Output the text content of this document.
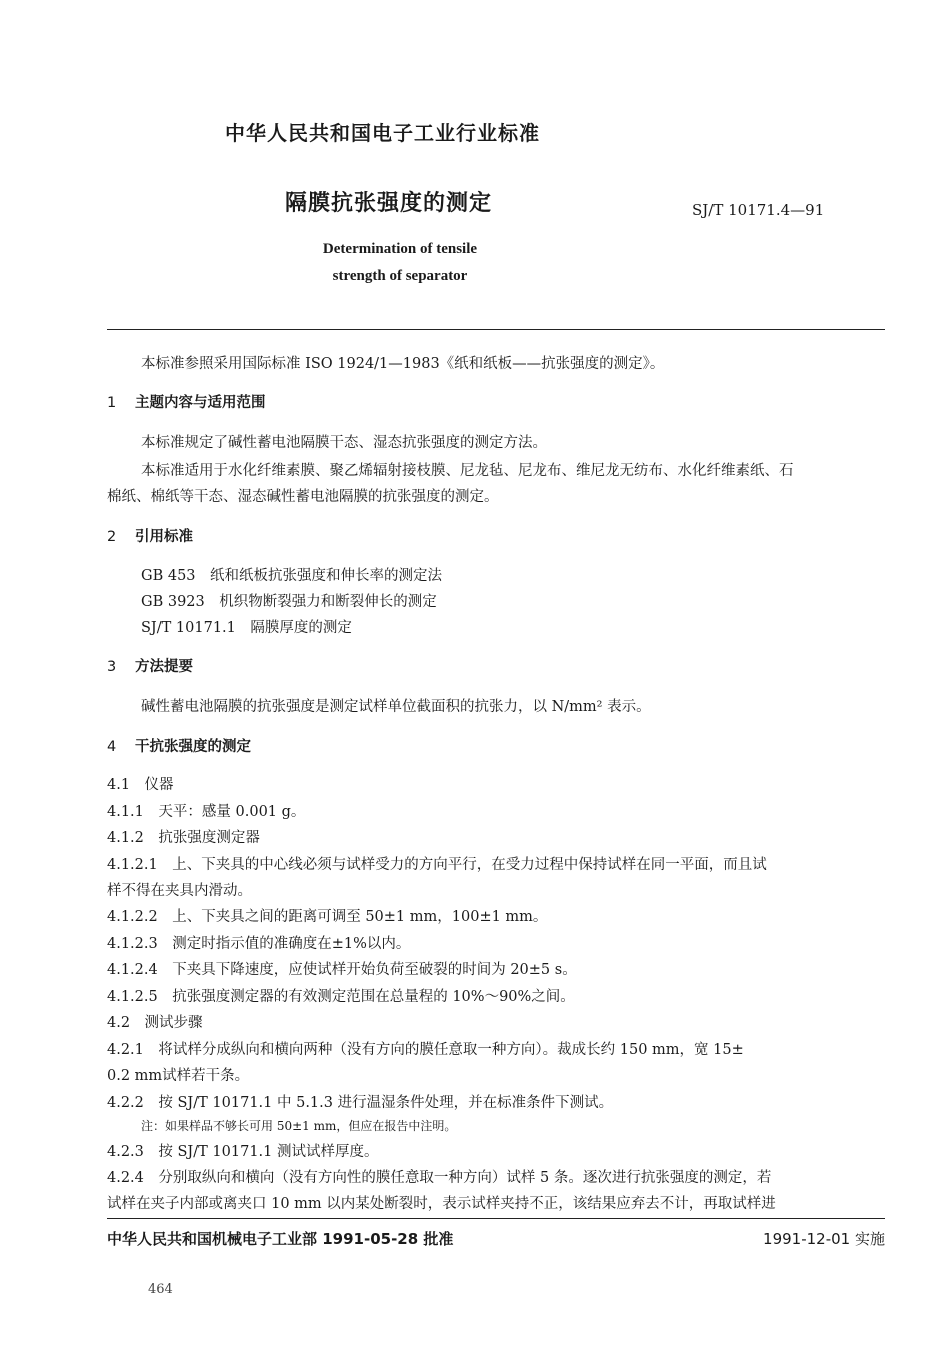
中华人民共和国电子工业行业标准
隔膜抗张强度的测定	SJ/T 10171.4—91
Determination of tensile
strength of separator
本标准参照采用国际标准 ISO 1924/1—1983《纸和纸板——抗张强度的测定》。
1 主题内容与适用范围
本标准规定了碱性蓄电池隔膜干态、湿态抗张强度的测定方法。
本标准适用于水化纤维素膜、聚乙烯辐射接枝膜、尼龙毡、尼龙布、维尼龙无纺布、水化纤维素纸、石
棉纸、棉纸等干态、湿态碱性蓄电池隔膜的抗张强度的测定。
2 引用标准
GB 453　纸和纸板抗张强度和伸长率的测定法
GB 3923　机织物断裂强力和断裂伸长的测定
SJ/T 10171.1　隔膜厚度的测定
3 方法提要
碱性蓄电池隔膜的抗张强度是测定试样单位截面积的抗张力，以 N/mm² 表示。
4 干抗张强度的测定
4.1　仪器
4.1.1　天平：感量 0.001 g。
4.1.2　抗张强度测定器
4.1.2.1　上、下夹具的中心线必须与试样受力的方向平行，在受力过程中保持试样在同一平面，而且试
样不得在夹具内滑动。
4.1.2.2　上、下夹具之间的距离可调至 50±1 mm，100±1 mm。
4.1.2.3　测定时指示值的准确度在±1%以内。
4.1.2.4　下夹具下降速度，应使试样开始负荷至破裂的时间为 20±5 s。
4.1.2.5　抗张强度测定器的有效测定范围在总量程的 10%～90%之间。
4.2　测试步骤
4.2.1　将试样分成纵向和横向两种（没有方向的膜任意取一种方向）。裁成长约 150 mm，宽 15±
0.2 mm试样若干条。
4.2.2　按 SJ/T 10171.1 中 5.1.3 进行温湿条件处理，并在标准条件下测试。
注：如果样品不够长可用 50±1 mm，但应在报告中注明。
4.2.3　按 SJ/T 10171.1 测试试样厚度。
4.2.4　分别取纵向和横向（没有方向性的膜任意取一种方向）试样 5 条。逐次进行抗张强度的测定，若
试样在夹子内部或离夹口 10 mm 以内某处断裂时，表示试样夹持不正，该结果应弃去不计，再取试样进
中华人民共和国机械电子工业部 1991-05-28 批准	1991-12-01 实施
464
